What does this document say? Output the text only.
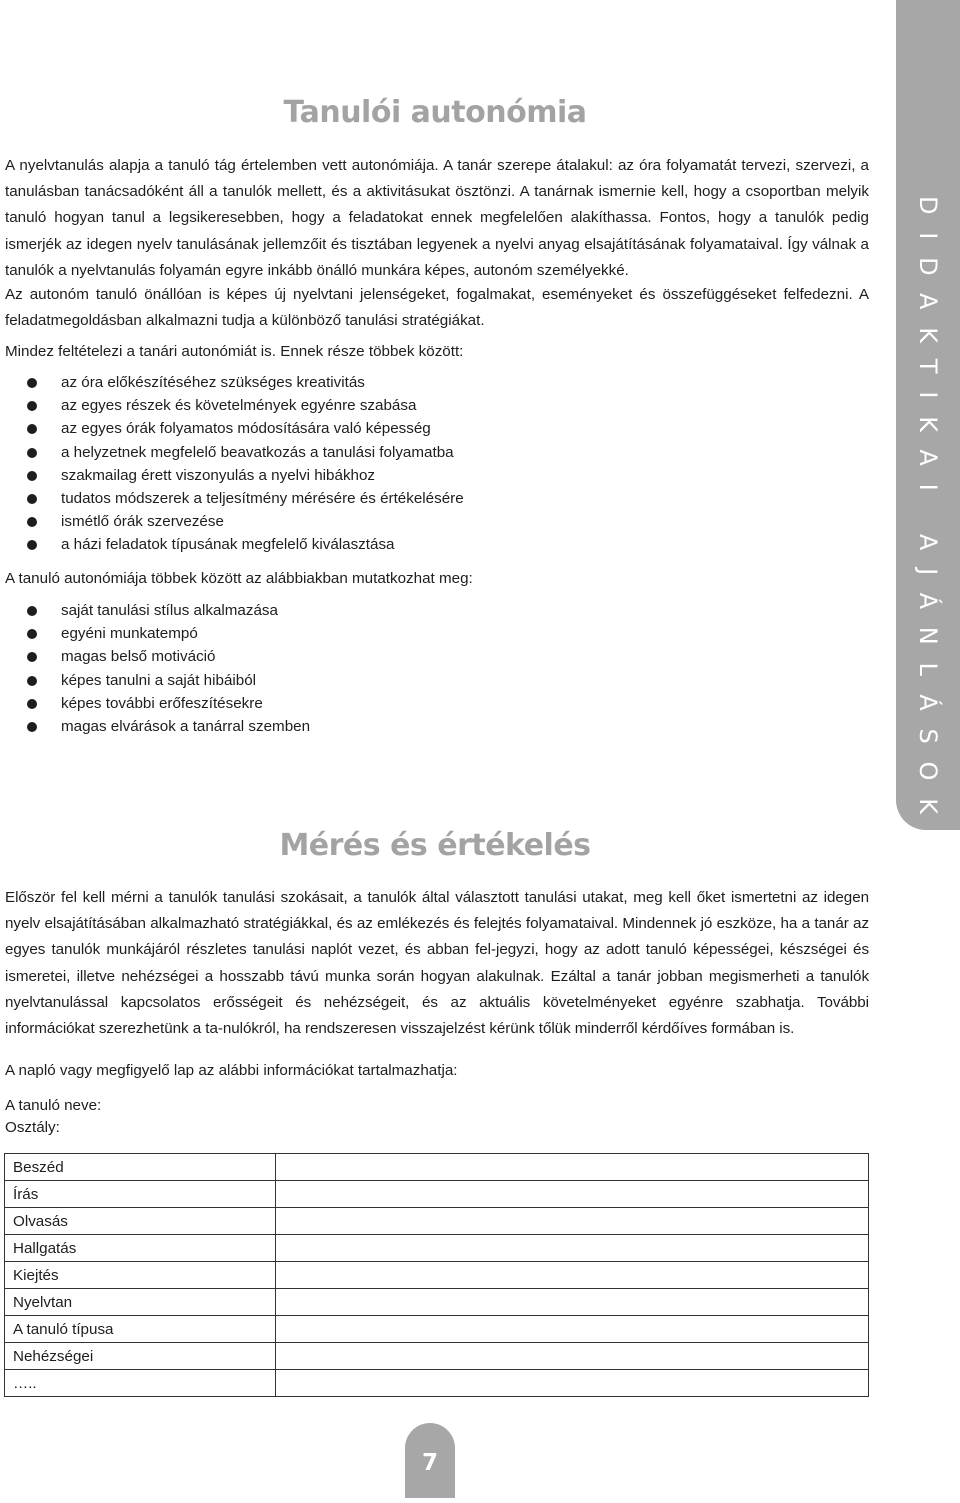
DIDAKTIKAI AJÁNLÁSOK
Tanulói autonómia

A nyelvtanulás alapja a tanuló tág értelemben vett autonómiája. A tanár szerepe átalakul: az óra folyamatát tervezi, szervezi, a tanulásban tanácsadóként áll a tanulók mellett, és a aktivitásukat ösztönzi. A tanárnak ismernie kell, hogy a csoportban melyik tanuló hogyan tanul a legsikeresebben, hogy a feladatokat ennek megfelelően alakíthassa. Fontos, hogy a tanulók pedig ismerjék az idegen nyelv tanulásának jellemzőit és tisztában legyenek a nyelvi anyag elsajátításának folyamataival. Így válnak a tanulók a nyelvtanulás folyamán egyre inkább önálló munkára képes, autonóm személyekké.

Az autonóm tanuló önállóan is képes új nyelvtani jelenségeket, fogalmakat, eseményeket és összefüggéseket felfedezni. A feladatmegoldásban alkalmazni tudja a különböző tanulási stratégiákat.

Mindez feltételezi a tanári autonómiát is. Ennek része többek között:

az óra előkészítéséhez szükséges kreativitás
az egyes részek és követelmények egyénre szabása
az egyes órák folyamatos módosítására való képesség
a helyzetnek megfelelő beavatkozás a tanulási folyamatba
szakmailag érett viszonyulás a nyelvi hibákhoz
tudatos módszerek a teljesítmény mérésére és értékelésére
ismétlő órák szervezése
a házi feladatok típusának megfelelő kiválasztása

A tanuló autonómiája többek között az alábbiakban mutatkozhat meg:

saját tanulási stílus alkalmazása
egyéni munkatempó
magas belső motiváció
képes tanulni a saját hibáiból
képes további erőfeszítésekre
magas elvárások a tanárral szemben
Mérés és értékelés

Először fel kell mérni a tanulók tanulási szokásait, a tanulók által választott tanulási utakat, meg kell őket ismertetni az idegen nyelv elsajátításában alkalmazható stratégiákkal, és az emlékezés és felejtés folyamataival. Mindennek jó eszköze, ha a tanár az egyes tanulók munkájáról részletes tanulási naplót vezet, és abban fel-jegyzi, hogy az adott tanuló képességei, készségei és ismeretei, illetve nehézségei a hosszabb távú munka során hogyan alakulnak. Ezáltal a tanár jobban megismerheti a tanulók nyelvtanulással kapcsolatos erősségeit és nehézségeit, és az aktuális követelményeket egyénre szabhatja. További információkat szerezhetünk a ta-nulókról, ha rendszeresen visszajelzést kérünk tőlük minderről kérdőíves formában is.

A napló vagy megfigyelő lap az alábbi információkat tartalmazhatja:

A tanuló neve:

Osztály:

Beszéd	
Írás	
Olvasás	
Hallgatás	
Kiejtés	
Nyelvtan	
A tanuló típusa	
Nehézségei	
…..	
7
